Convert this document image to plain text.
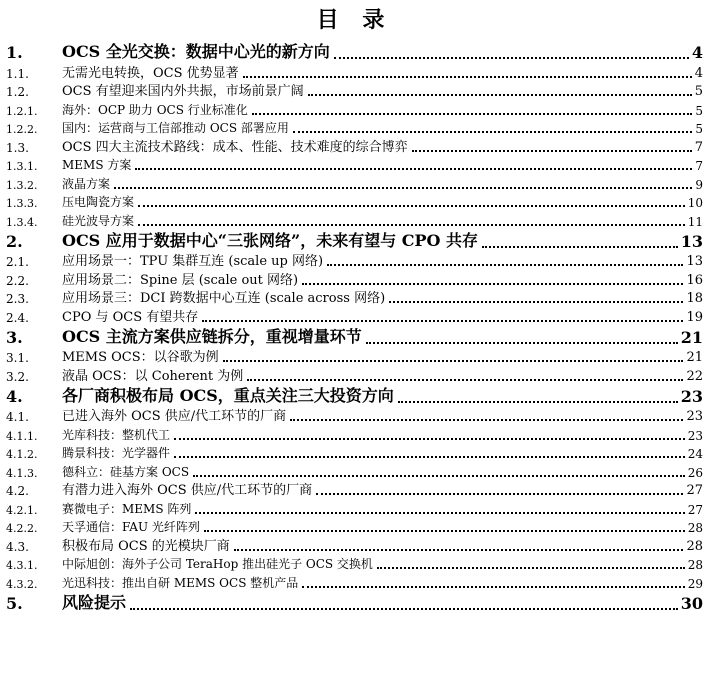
目 录
1. OCS 全光交换：数据中心光的新方向	4
1.1.	无需光电转换，OCS 优势显著	4
1.2.	OCS 有望迎来国内外共振，市场前景广阔	5
1.2.1. 海外：OCP 助力 OCS 行业标准化	5
1.2.2. 国内：运营商与工信部推动 OCS 部署应用	5
1.3.	OCS 四大主流技术路线：成本、性能、技术难度的综合博弈	7
1.3.1. MEMS 方案	7
1.3.2. 液晶方案	9
1.3.3. 压电陶瓷方案	10
1.3.4. 硅光波导方案	11
2. OCS 应用于数据中心“三张网络”，未来有望与 CPO 共存	13
2.1.	应用场景一：TPU 集群互连 (scale up 网络)	13
2.2.	应用场景二：Spine 层 (scale out 网络)	16
2.3.	应用场景三：DCI 跨数据中心互连 (scale across 网络)	18
2.4.	CPO 与 OCS 有望共存	19
3. OCS 主流方案供应链拆分，重视增量环节	21
3.1.	MEMS OCS：以谷歌为例	21
3.2.	液晶 OCS：以 Coherent 为例	22
4. 各厂商积极布局 OCS，重点关注三大投资方向	23
4.1.	已进入海外 OCS 供应/代工环节的厂商	23
4.1.1. 光库科技：整机代工	23
4.1.2. 腾景科技：光学器件	24
4.1.3. 德科立：硅基方案 OCS	26
4.2.	有潜力进入海外 OCS 供应/代工环节的厂商	27
4.2.1. 赛微电子：MEMS 阵列	27
4.2.2. 天孚通信：FAU 光纤阵列	28
4.3.	积极布局 OCS 的光模块厂商	28
4.3.1. 中际旭创：海外子公司 TeraHop 推出硅光子 OCS 交换机	28
4.3.2. 光迅科技：推出自研 MEMS OCS 整机产品	29
5. 风险提示	30
